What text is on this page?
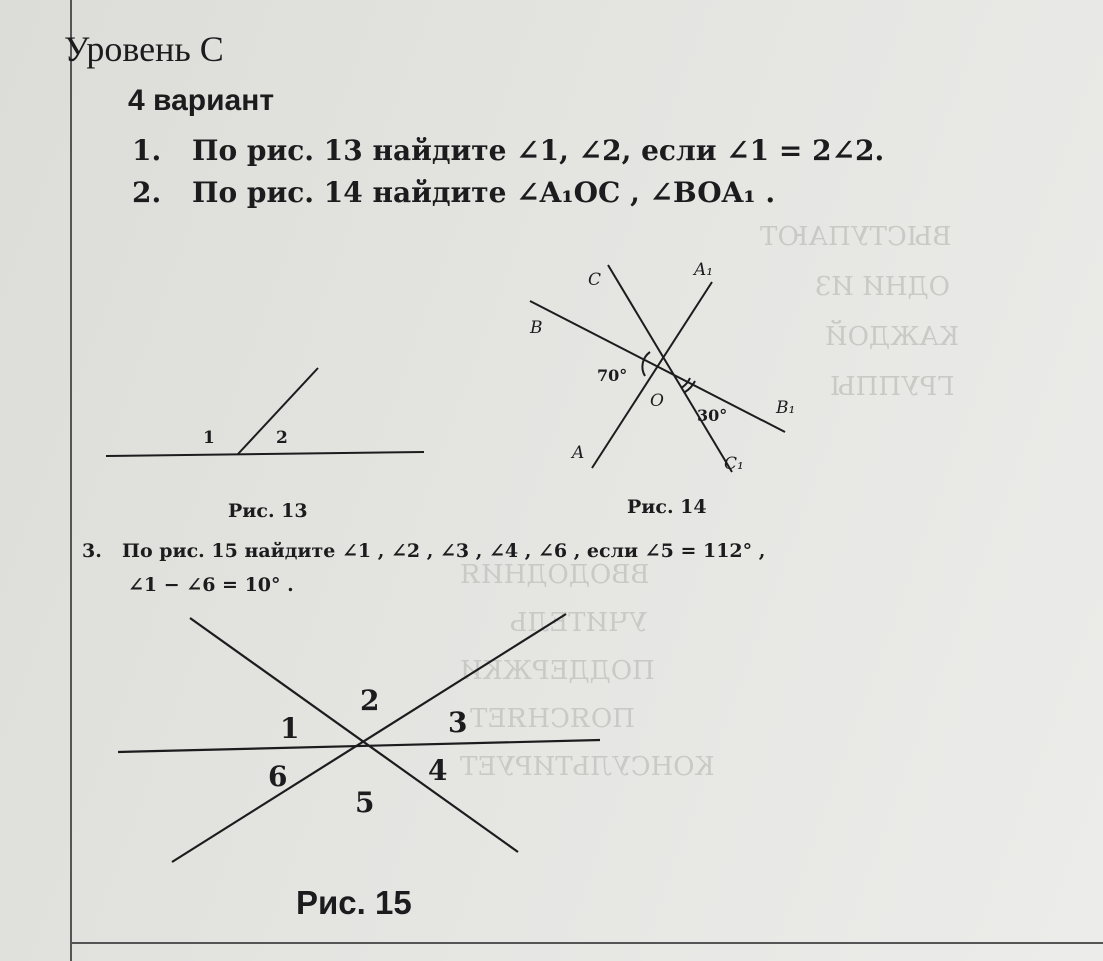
ВЫСТУПАЮТ
ОДНИ ИЗ
КАЖДОЙ
ГРУППЫ
ВВОДОДНИЯ
УЧИТЕЛЬ
ПОДДЕРЖКИ
ПОЯСНЯЕТ
КОНСУЛЬТИРУЕТ
Уровень С
4 вариант
1. По рис. 13 найдите ∠1, ∠2, если ∠1 = 2∠2.
2. По рис. 14 найдите ∠A₁OC , ∠BOA₁ .
3. По рис. 15 найдите ∠1 , ∠2 , ∠3 , ∠4 , ∠6 , если ∠5 = 112° ,
∠1 − ∠6 = 10° .
1	2
C	A₁
B
B₁
A
C₁
O
70°
30°
1
2
3
4
5
6
Рис. 13	Рис. 14
Рис. 15
